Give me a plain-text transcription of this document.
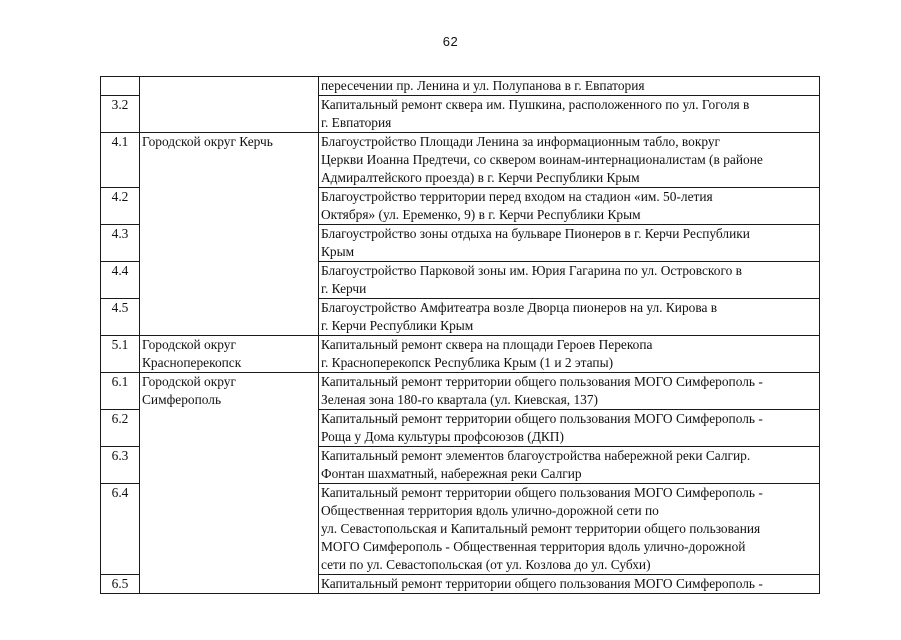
62

		пересечении пр. Ленина и ул. Полупанова в г. Евпатория

3.2		Капитальный ремонт сквера им. Пушкина, расположенного по ул. Гоголя в
г. Евпатория

4.1	Городской округ Керчь	Благоустройство Площади Ленина за информационным табло, вокруг
Церкви Иоанна Предтечи, со сквером воинам-интернационалистам (в районе
Адмиралтейского проезда) в г. Керчи Республики Крым

4.2		Благоустройство территории перед входом на стадион «им. 50-летия
Октября» (ул. Еременко, 9) в г. Керчи Республики Крым

4.3		Благоустройство зоны отдыха на бульваре Пионеров в г. Керчи Республики
Крым

4.4		Благоустройство Парковой зоны им. Юрия Гагарина по ул. Островского в
г. Керчи

4.5		Благоустройство Амфитеатра возле Дворца пионеров на ул. Кирова в
г. Керчи Республики Крым

5.1	Городской округ
Красноперекопск	Капитальный ремонт сквера на площади Героев Перекопа
г. Красноперекопск Республика Крым (1 и 2 этапы)

6.1	Городской округ
Симферополь	Капитальный ремонт территории общего пользования МОГО Симферополь -
Зеленая зона 180-го квартала (ул. Киевская, 137)

6.2		Капитальный ремонт территории общего пользования МОГО Симферополь -
Роща у Дома культуры профсоюзов (ДКП)

6.3		Капитальный ремонт элементов благоустройства набережной реки Салгир.
Фонтан шахматный, набережная реки Салгир

6.4		Капитальный ремонт территории общего пользования МОГО Симферополь -
Общественная территория вдоль улично-дорожной сети по
ул. Севастопольская и Капитальный ремонт территории общего пользования
МОГО Симферополь - Общественная территория вдоль улично-дорожной
сети по ул. Севастопольская (от ул. Козлова до ул. Субхи)

6.5		Капитальный ремонт территории общего пользования МОГО Симферополь -
